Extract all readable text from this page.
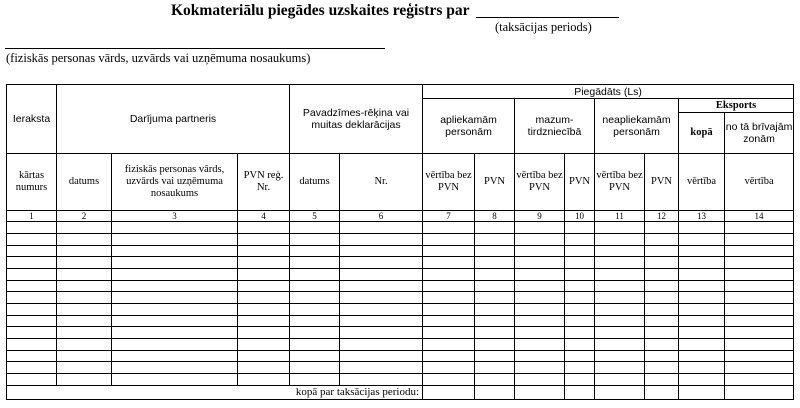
Kokmateriālu piegādes uzskaites reģistrs par
(taksācijas periods)
(fiziskās personas vārds, uzvārds vai uzņēmuma nosaukums)
Ieraksta	Darījuma partneris			Pavadzīmes-rēķina vai muitas deklarācijas		Piegādāts (Ls)							
						apliekamām personām		mazum- tirdzniecībā		neapliekamām personām		Eksports	
												kopā	no tā brīvajām zonām
kārtas numurs	datums	fiziskās personas vārds, uzvārds vai uzņēmuma nosaukums	PVN reģ. Nr.	datums	Nr.	vērtība bez PVN	PVN	vērtība bez PVN	PVN	vērtība bez PVN	PVN	vērtība	vērtība
1	2	3	4	5	6	7	8	9	10	11	12	13	14

kopā par taksācijas periodu:													
